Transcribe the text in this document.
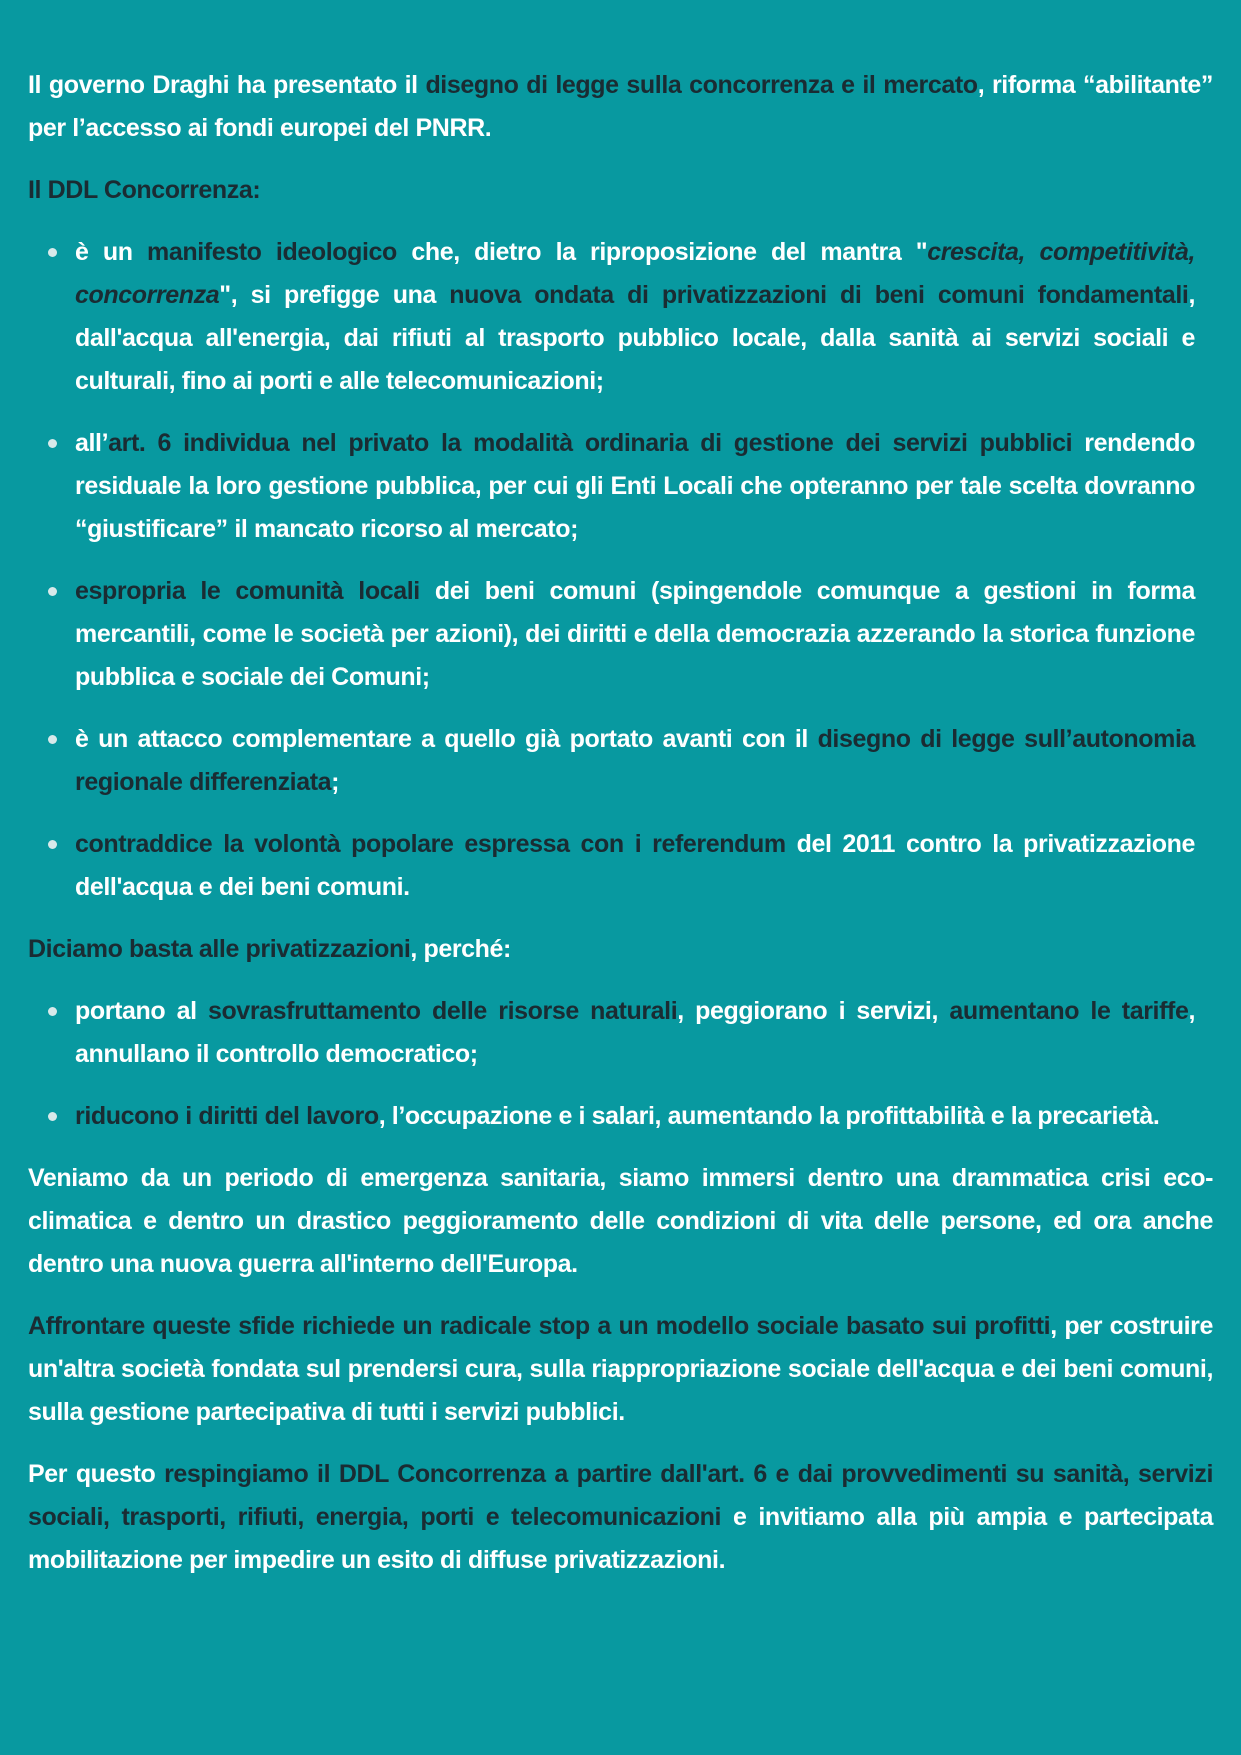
Il governo Draghi ha presentato il disegno di legge sulla concorrenza e il mercato, riforma “abilitante” per l’accesso ai fondi europei del PNRR.
Il DDL Concorrenza:
è un manifesto ideologico che, dietro la riproposizione del mantra "crescita, competitività, concorrenza", si prefigge una nuova ondata di privatizzazioni di beni comuni fondamentali, dall'acqua all'energia, dai rifiuti al trasporto pubblico locale, dalla sanità ai servizi sociali e culturali, fino ai porti e alle telecomunicazioni;
all’art. 6 individua nel privato la modalità ordinaria di gestione dei servizi pubblici rendendo residuale la loro gestione pubblica, per cui gli Enti Locali che opteranno per tale scelta dovranno “giustificare” il mancato ricorso al mercato;
espropria le comunità locali dei beni comuni (spingendole comunque a gestioni in forma mercantili, come le società per azioni), dei diritti e della democrazia azzerando la storica funzione pubblica e sociale dei Comuni;
è un attacco complementare a quello già portato avanti con il disegno di legge sull’autonomia regionale differenziata;
contraddice la volontà popolare espressa con i referendum del 2011 contro la privatizzazione dell'acqua e dei beni comuni.
Diciamo basta alle privatizzazioni, perché:
portano al sovrasfruttamento delle risorse naturali, peggiorano i servizi, aumentano le tariffe, annullano il controllo democratico;
riducono i diritti del lavoro, l’occupazione e i salari, aumentando la profittabilità e la precarietà.
Veniamo da un periodo di emergenza sanitaria, siamo immersi dentro una drammatica crisi eco-climatica e dentro un drastico peggioramento delle condizioni di vita delle persone, ed ora anche dentro una nuova guerra all'interno dell'Europa.
Affrontare queste sfide richiede un radicale stop a un modello sociale basato sui profitti, per costruire un'altra società fondata sul prendersi cura, sulla riappropriazione sociale dell'acqua e dei beni comuni, sulla gestione partecipativa di tutti i servizi pubblici.
Per questo respingiamo il DDL Concorrenza a partire dall'art. 6 e dai provvedimenti su sanità, servizi sociali, trasporti, rifiuti, energia, porti e telecomunicazioni e invitiamo alla più ampia e partecipata mobilitazione per impedire un esito di diffuse privatizzazioni.
